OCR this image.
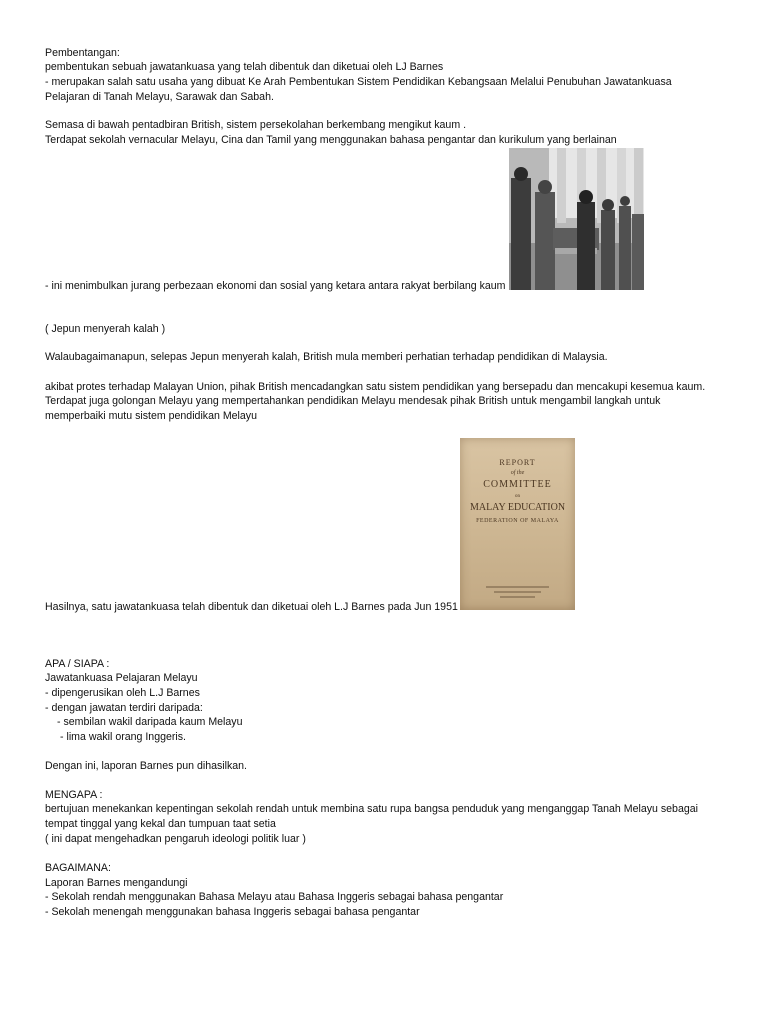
Pembentangan:
pembentukan sebuah jawatankuasa yang telah dibentuk dan diketuai oleh LJ Barnes
- merupakan salah satu usaha yang dibuat Ke Arah Pembentukan Sistem Pendidikan Kebangsaan Melalui Penubuhan Jawatankuasa
Pelajaran di Tanah Melayu, Sarawak dan Sabah.
Semasa di bawah pentadbiran British, sistem persekolahan berkembang mengikut kaum .
Terdapat sekolah vernacular Melayu, Cina dan Tamil yang menggunakan bahasa pengantar dan kurikulum yang berlainan
- ini menimbulkan jurang perbezaan ekonomi dan sosial yang ketara antara rakyat berbilang kaum
( Jepun menyerah kalah )
Walaubagaimanapun, selepas Jepun menyerah kalah, British mula memberi perhatian terhadap pendidikan di Malaysia.
akibat protes terhadap Malayan Union, pihak British mencadangkan satu sistem pendidikan yang bersepadu dan mencakupi kesemua kaum.
Terdapat juga golongan Melayu yang mempertahankan pendidikan Melayu mendesak pihak British untuk mengambil langkah untuk
memperbaiki mutu sistem pendidikan Melayu
REPORT
of the
COMMITTEE
on
MALAY EDUCATION
FEDERATION OF MALAYA
Hasilnya, satu jawatankuasa telah dibentuk dan diketuai oleh L.J Barnes pada Jun 1951
APA / SIAPA :
Jawatankuasa Pelajaran Melayu
- dipengerusikan oleh L.J Barnes
- dengan jawatan terdiri daripada:
- sembilan wakil daripada kaum Melayu
- lima wakil orang Inggeris.
Dengan ini, laporan Barnes pun dihasilkan.
MENGAPA :
bertujuan menekankan kepentingan sekolah rendah untuk membina satu rupa bangsa penduduk yang menganggap Tanah Melayu sebagai
tempat tinggal yang kekal dan tumpuan taat setia
( ini dapat mengehadkan pengaruh ideologi politik luar )
BAGAIMANA:
Laporan Barnes mengandungi
- Sekolah rendah menggunakan Bahasa Melayu atau Bahasa Inggeris sebagai bahasa pengantar
- Sekolah menengah menggunakan bahasa Inggeris sebagai bahasa pengantar
